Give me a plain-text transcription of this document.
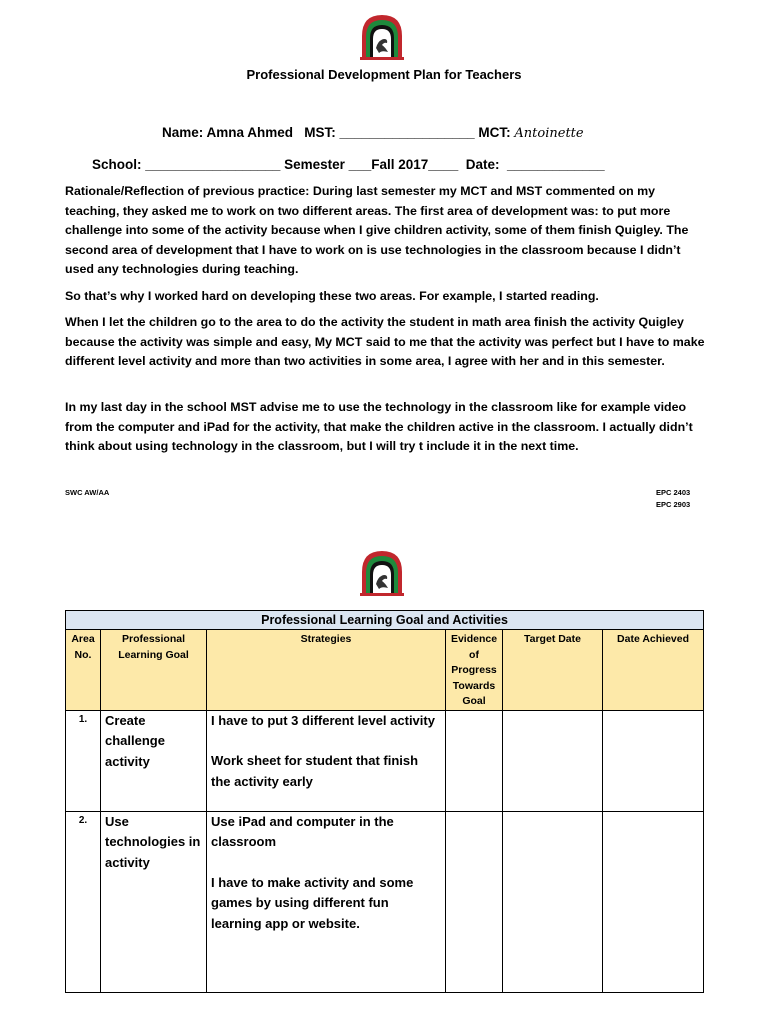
Professional Development Plan for Teachers
Name: Amna Ahmed   MST: __________________ MCT: Antoinette
School: __________________ Semester ___Fall 2017____  Date:  _____________

Rationale/Reflection of previous practice: During last semester my MCT and MST commented on my teaching, they asked me to work on two different areas. The first area of development was: to put more challenge into some of the activity because when I give children activity, some of them finish Quigley. The second area of development that I have to work on is use technologies in the classroom because I didn’t used any technologies during teaching.

So that’s why I worked hard on developing these two areas. For example, I started reading.

When I let the children go to the area to do the activity the student in math area finish the activity Quigley because the activity was simple and easy, My MCT said to me that the activity was perfect but I have to make different level activity and more than two activities in some area, I agree with her and in this semester.

In my last day in the school MST advise me to use the technology in the classroom like for example video from the computer and iPad for the activity, that make the children active in the classroom. I actually didn’t think about using technology in the classroom, but I will try t include it in the next time.

SWC AW/AA	EPC 2403
EPC 2903
Professional Learning Goal and Activities					
Area No.	Professional Learning Goal	Strategies	Evidence of Progress Towards Goal	Target Date	Date Achieved
1.	Create challenge activity	I have to put 3 different level activity

Work sheet for student that finish the activity early			

2.	Use technologies in activity	Use iPad and computer in the classroom

I have to make activity and some games by using different fun learning app or website.			
